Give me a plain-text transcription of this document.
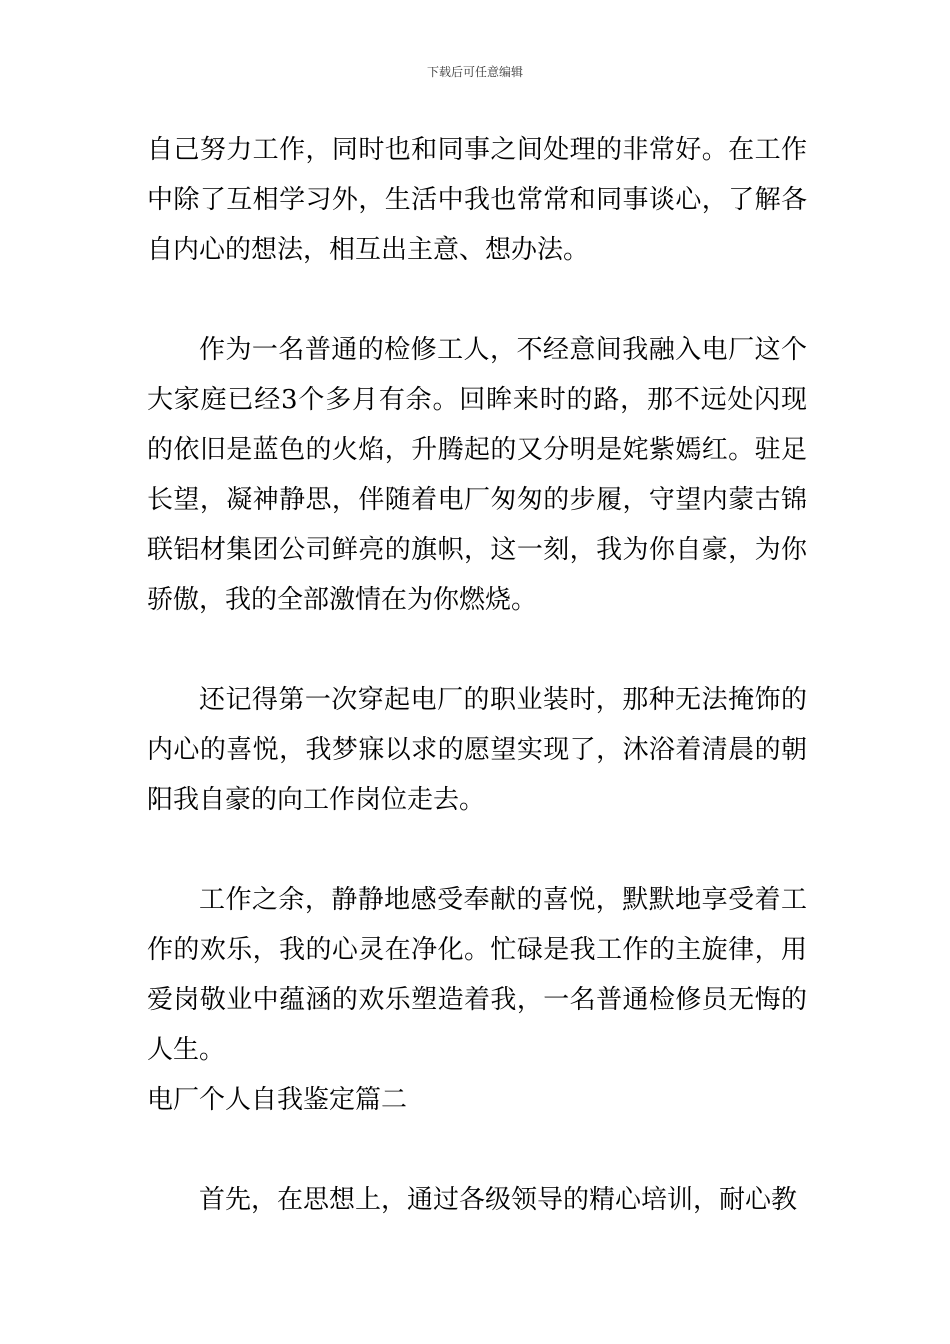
下载后可任意编辑

自己努力工作，同时也和同事之间处理的非常好。在工作中除了互相学习外，生活中我也常常和同事谈心，了解各自内心的想法，相互出主意、想办法。

作为一名普通的检修工人，不经意间我融入电厂这个大家庭已经3个多月有余。回眸来时的路，那不远处闪现的依旧是蓝色的火焰，升腾起的又分明是姹紫嫣红。驻足长望，凝神静思，伴随着电厂匆匆的步履，守望内蒙古锦联铝材集团公司鲜亮的旗帜，这一刻，我为你自豪，为你骄傲，我的全部激情在为你燃烧。

还记得第一次穿起电厂的职业装时，那种无法掩饰的内心的喜悦，我梦寐以求的愿望实现了，沐浴着清晨的朝阳我自豪的向工作岗位走去。

工作之余，静静地感受奉献的喜悦，默默地享受着工作的欢乐，我的心灵在净化。忙碌是我工作的主旋律，用爱岗敬业中蕴涵的欢乐塑造着我，一名普通检修员无悔的人生。

电厂个人自我鉴定篇二

首先，在思想上，通过各级领导的精心培训，耐心教
